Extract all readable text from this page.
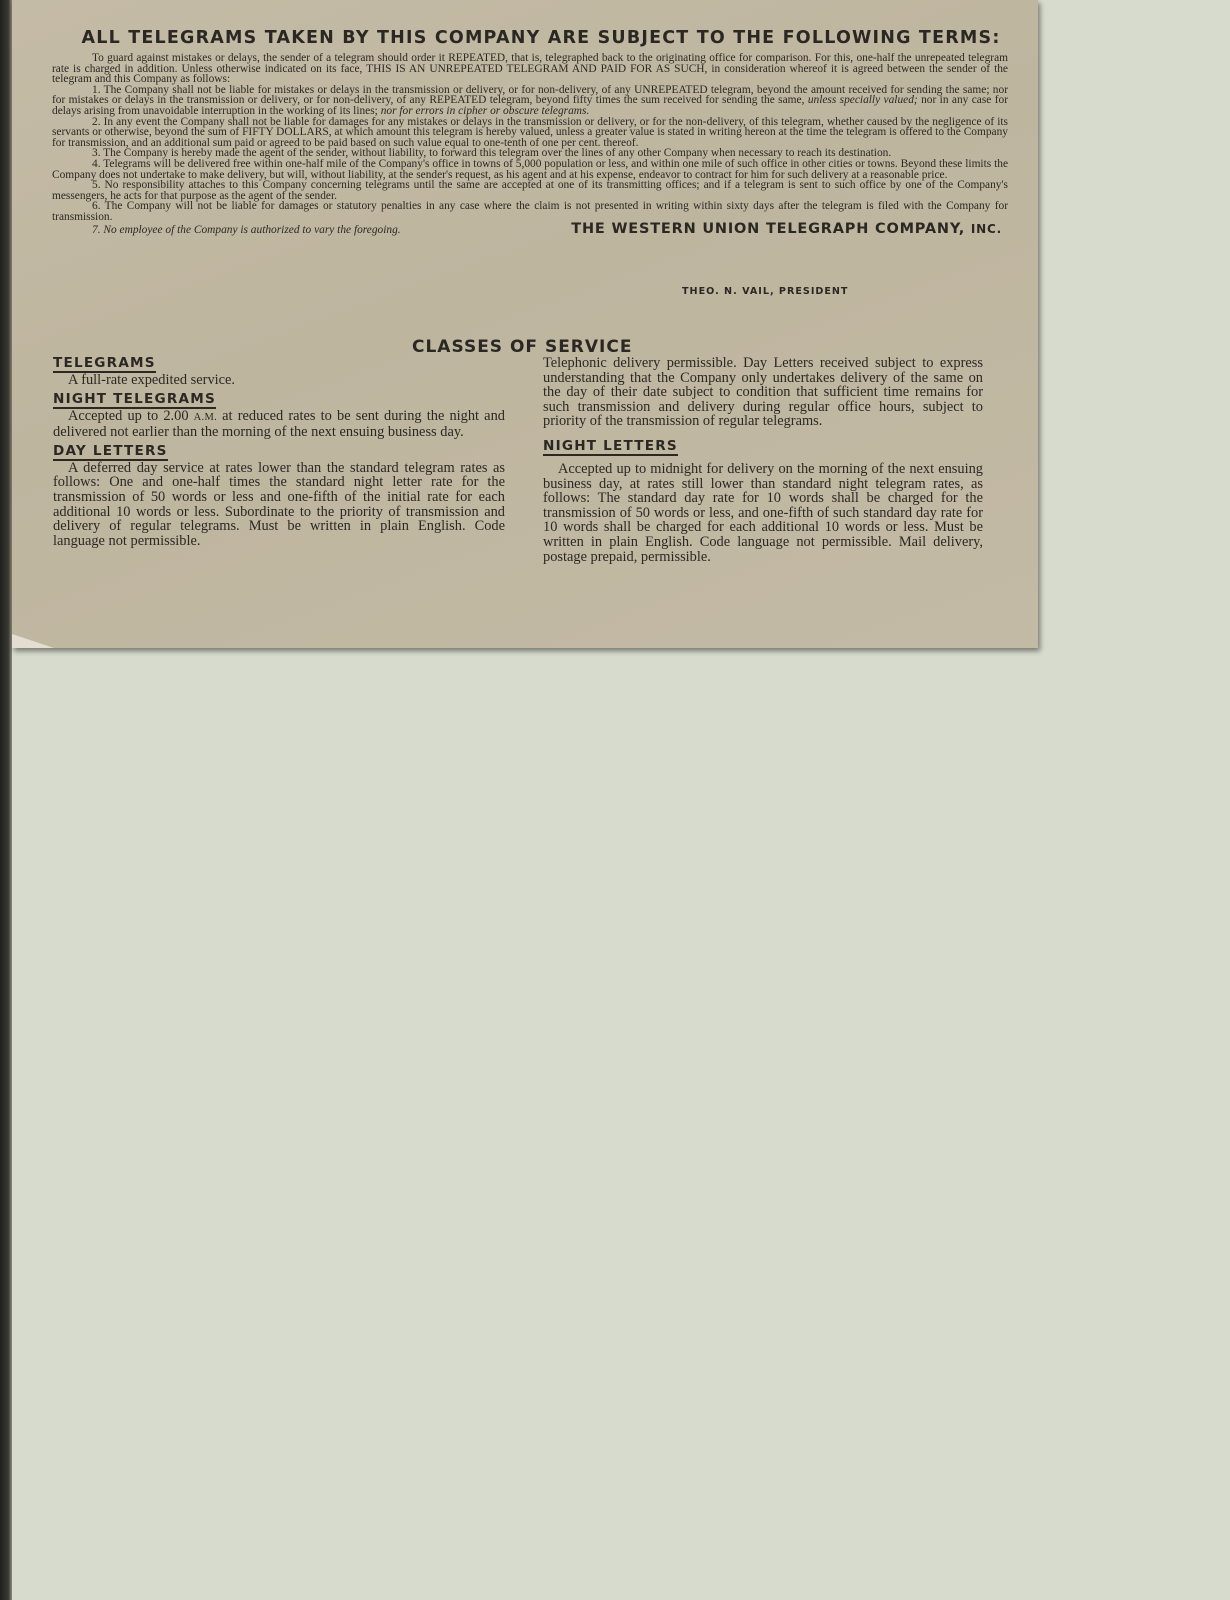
ALL TELEGRAMS TAKEN BY THIS COMPANY ARE SUBJECT TO THE FOLLOWING TERMS:

To guard against mistakes or delays, the sender of a telegram should order it REPEATED, that is, telegraphed back to the originating office for comparison. For this, one-half the unrepeated telegram rate is charged in addition. Unless otherwise indicated on its face, THIS IS AN UNREPEATED TELEGRAM AND PAID FOR AS SUCH, in consideration whereof it is agreed between the sender of the telegram and this Company as follows:

1. The Company shall not be liable for mistakes or delays in the transmission or delivery, or for non-delivery, of any UNREPEATED telegram, beyond the amount received for sending the same; nor for mistakes or delays in the transmission or delivery, or for non-delivery, of any REPEATED telegram, beyond fifty times the sum received for sending the same, unless specially valued; nor in any case for delays arising from unavoidable interruption in the working of its lines; nor for errors in cipher or obscure telegrams.

2. In any event the Company shall not be liable for damages for any mistakes or delays in the transmission or delivery, or for the non-delivery, of this telegram, whether caused by the negligence of its servants or otherwise, beyond the sum of FIFTY DOLLARS, at which amount this telegram is hereby valued, unless a greater value is stated in writing hereon at the time the telegram is offered to the Company for transmission, and an additional sum paid or agreed to be paid based on such value equal to one-tenth of one per cent. thereof.

3. The Company is hereby made the agent of the sender, without liability, to forward this telegram over the lines of any other Company when necessary to reach its destination.

4. Telegrams will be delivered free within one-half mile of the Company's office in towns of 5,000 population or less, and within one mile of such office in other cities or towns. Beyond these limits the Company does not undertake to make delivery, but will, without liability, at the sender's request, as his agent and at his expense, endeavor to contract for him for such delivery at a reasonable price.

5. No responsibility attaches to this Company concerning telegrams until the same are accepted at one of its transmitting offices; and if a telegram is sent to such office by one of the Company's messengers, he acts for that purpose as the agent of the sender.

6. The Company will not be liable for damages or statutory penalties in any case where the claim is not presented in writing within sixty days after the telegram is filed with the Company for transmission.

7. No employee of the Company is authorized to vary the foregoing.	THE WESTERN UNION TELEGRAPH COMPANY, INC.
THEO. N. VAIL, PRESIDENT
CLASSES OF SERVICE
TELEGRAMS

A full-rate expedited service.

NIGHT TELEGRAMS

Accepted up to 2.00 A.M. at reduced rates to be sent during the night and delivered not earlier than the morning of the next ensuing business day.

DAY LETTERS

A deferred day service at rates lower than the standard telegram rates as follows: One and one-half times the standard night letter rate for the transmission of 50 words or less and one-fifth of the initial rate for each additional 10 words or less. Subordinate to the priority of transmission and delivery of regular telegrams. Must be written in plain English. Code language not permissible.

Telephonic delivery permissible. Day Letters received subject to express understanding that the Company only undertakes delivery of the same on the day of their date subject to condition that sufficient time remains for such transmission and delivery during regular office hours, subject to priority of the transmission of regular telegrams.

NIGHT LETTERS

Accepted up to midnight for delivery on the morning of the next ensuing business day, at rates still lower than standard night telegram rates, as follows: The standard day rate for 10 words shall be charged for the transmission of 50 words or less, and one-fifth of such standard day rate for 10 words shall be charged for each additional 10 words or less. Must be written in plain English. Code language not permissible. Mail delivery, postage prepaid, permissible.
